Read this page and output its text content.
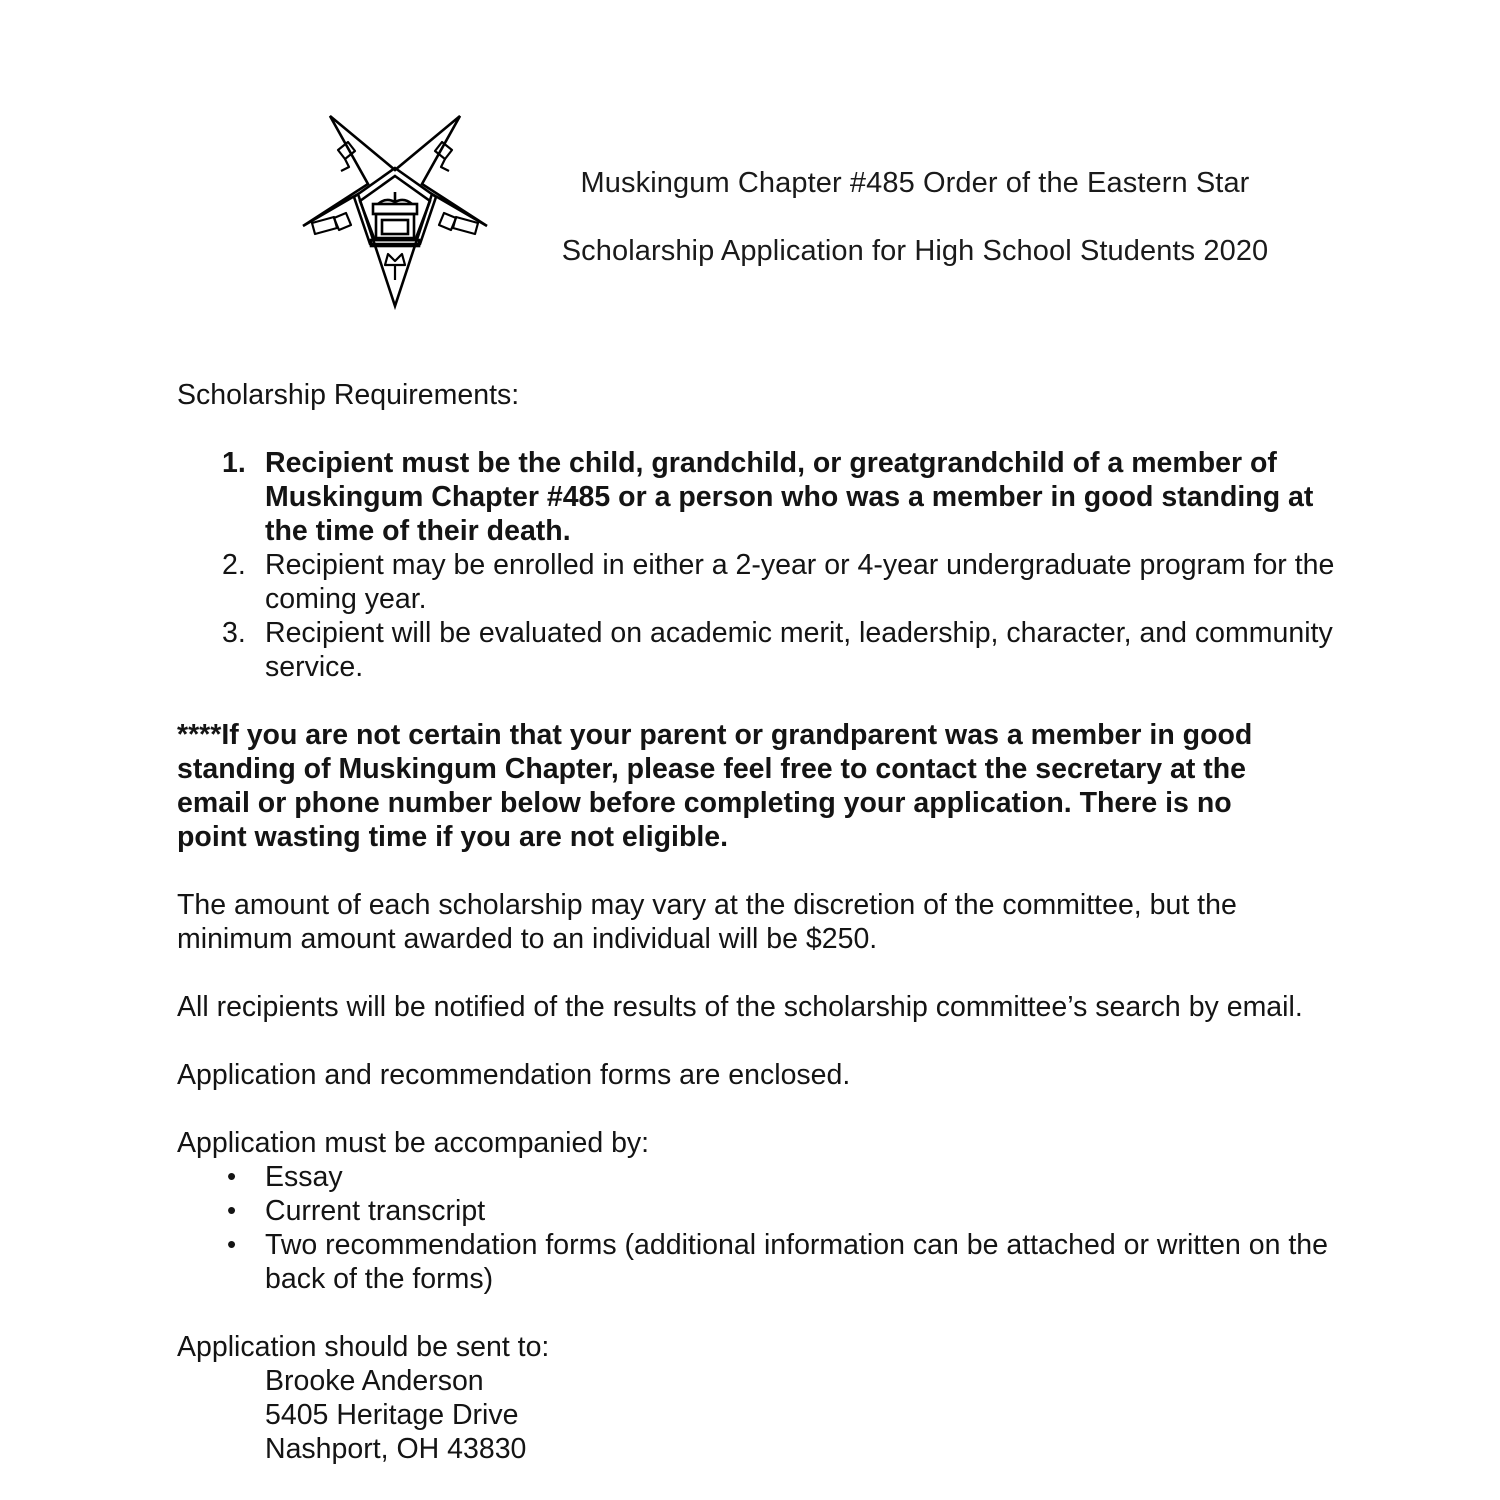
Muskingum Chapter #485 Order of the Eastern Star
Scholarship Application for High School Students 2020

Scholarship Requirements:

1. Recipient must be the child, grandchild, or greatgrandchild of a member of Muskingum Chapter #485 or a person who was a member in good standing at the time of their death.
2. Recipient may be enrolled in either a 2-year or 4-year undergraduate program for the coming year.
3. Recipient will be evaluated on academic merit, leadership, character, and community service.

****If you are not certain that your parent or grandparent was a member in good standing of Muskingum Chapter, please feel free to contact the secretary at the email or phone number below before completing your application. There is no point wasting time if you are not eligible.

The amount of each scholarship may vary at the discretion of the committee, but the minimum amount awarded to an individual will be $250.

All recipients will be notified of the results of the scholarship committee’s search by email.

Application and recommendation forms are enclosed.

Application must be accompanied by:

• Essay
• Current transcript
• Two recommendation forms (additional information can be attached or written on the back of the forms)

Application should be sent to:

Brooke Anderson

5405 Heritage Drive

Nashport, OH 43830
